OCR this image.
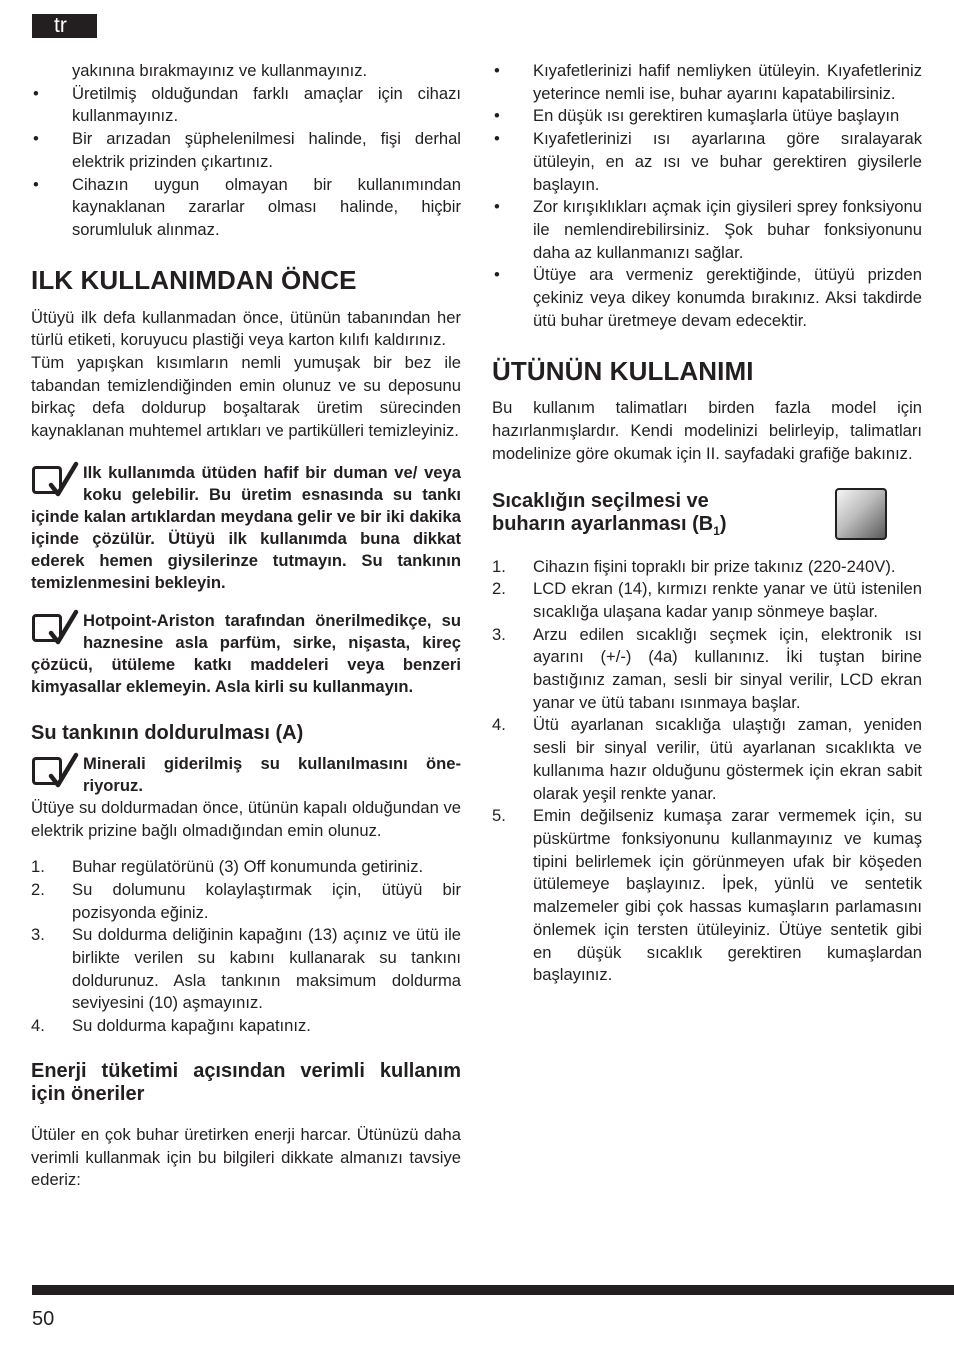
tr

yakınına bırakmayınız ve kullanmayınız.

• Üretilmiş olduğundan farklı amaçlar için cihazı kullanmayınız.
• Bir arızadan şüphelenilmesi halinde, fişi derhal elektrik prizinden çıkartınız.
• Cihazın uygun olmayan bir kullanımından kaynaklanan zararlar olması halinde, hiçbir sorumluluk alınmaz.
ILK KULLANIMDAN ÖNCE

Ütüyü ilk defa kullanmadan önce, ütünün tabanından her türlü etiketi, koruyucu plastiği veya karton kılıfı kaldırınız.

Tüm yapışkan kısımların nemli yumuşak bir bez ile tabandan temizlendiğinden emin olunuz ve su deposunu birkaç defa doldurup boşaltarak üretim sürecinden kaynaklanan muhtemel artıkları ve partikülleri temizleyiniz.

Ilk kullanımda ütüden hafif bir duman ve/ veya koku gelebilir. Bu üretim esnasında su tankı içinde kalan artıklardan meydana gelir ve bir iki dakika içinde çözülür. Ütüyü ilk kullanımda buna dikkat ederek hemen giysilerinze tutmayın. Su tankının temizlenmesini bekleyin.

Hotpoint-Ariston tarafından önerilmedikçe, su haznesine asla parfüm, sirke, nişasta, kireç çözücü, ütüleme katkı maddeleri veya benzeri kimyasallar eklemeyin. Asla kirli su kullanmayın.

Su tankının doldurulması (A)

Minerali giderilmiş su kullanılmasını öne-riyoruz.

Ütüye su doldurmadan önce, ütünün kapalı olduğundan ve elektrik prizine bağlı olmadığından emin olunuz.

1. Buhar regülatörünü (3) Off konumunda getiriniz.
2. Su dolumunu kolaylaştırmak için, ütüyü bir pozisyonda eğiniz.
3. Su doldurma deliğinin kapağını (13) açınız ve ütü ile birlikte verilen su kabını kullanarak su tankını doldurunuz. Asla tankının maksimum doldurma seviyesini (10) aşmayınız.
4. Su doldurma kapağını kapatınız.
Enerji tüketimi açısından verimli kullanım için öneriler

Ütüler en çok buhar üretirken enerji harcar. Ütünüzü daha verimli kullanmak için bu bilgileri dikkate almanızı tavsiye ederiz:

• Kıyafetlerinizi hafif nemliyken ütüleyin. Kıyafetleriniz yeterince nemli ise, buhar ayarını kapatabilirsiniz.
• En düşük ısı gerektiren kumaşlarla ütüye başlayın
• Kıyafetlerinizi ısı ayarlarına göre sıralayarak ütüleyin, en az ısı ve buhar gerektiren giysilerle başlayın.
• Zor kırışıklıkları açmak için giysileri sprey fonksiyonu ile nemlendirebilirsiniz. Şok buhar fonksiyonunu daha az kullanmanızı sağlar.
• Ütüye ara vermeniz gerektiğinde, ütüyü prizden çekiniz veya dikey konumda bırakınız. Aksi takdirde ütü buhar üretmeye devam edecektir.
ÜTÜNÜN KULLANIMI

Bu kullanım talimatları birden fazla model için hazırlanmışlardır. Kendi modelinizi belirleyip, talimatları modelinize göre okumak için II. sayfadaki grafiğe bakınız.

Sıcaklığın seçilmesi ve
buharın ayarlanması $(B_1)$
1. Cihazın fişini topraklı bir prize takınız (220-240V).
2. LCD ekran (14), kırmızı renkte yanar ve ütü istenilen sıcaklığa ulaşana kadar yanıp sönmeye başlar.
3. Arzu edilen sıcaklığı seçmek için, elektronik ısı ayarını (+/-) (4a) kullanınız. İki tuştan birine bastığınız zaman, sesli bir sinyal verilir, LCD ekran yanar ve ütü tabanı ısınmaya başlar.
4. Ütü ayarlanan sıcaklığa ulaştığı zaman, yeniden sesli bir sinyal verilir, ütü ayarlanan sıcaklıkta ve kullanıma hazır olduğunu göstermek için ekran sabit olarak yeşil renkte yanar.
5. Emin değilseniz kumaşa zarar vermemek için, su püskürtme fonksiyonunu kullanmayınız ve kumaş tipini belirlemek için görünmeyen ufak bir köşeden ütülemeye başlayınız. İpek, yünlü ve sentetik malzemeler gibi çok hassas kumaşların parlamasını önlemek için tersten ütüleyiniz. Ütüye sentetik gibi en düşük sıcaklık gerektiren kumaşlardan başlayınız.
50
